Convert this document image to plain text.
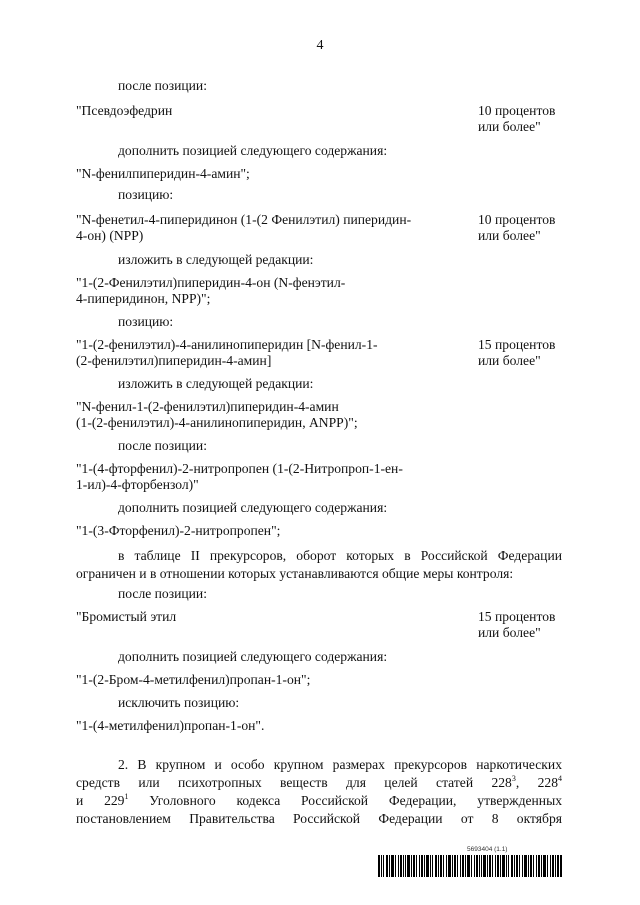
4
после позиции:
"Псевдоэфедрин	10 процентов
или более"
дополнить позицией следующего содержания:
"N-фенилпиперидин-4-амин";
позицию:
"N-фенетил-4-пиперидинон (1-(2 Фенилэтил) пиперидин-
4-он) (NPP)
10 процентов
или более"
изложить в следующей редакции:
"1-(2-Фенилэтил)пиперидин-4-он (N-фенэтил-
4-пиперидинон, NPP)";
позицию:
"1-(2-фенилэтил)-4-анилинопиперидин [N-фенил-1-
(2-фенилэтил)пиперидин-4-амин]
15 процентов
или более"
изложить в следующей редакции:
"N-фенил-1-(2-фенилэтил)пиперидин-4-амин
(1-(2-фенилэтил)-4-анилинопиперидин, ANPP)";
после позиции:
"1-(4-фторфенил)-2-нитропропен (1-(2-Нитропроп-1-ен-
1-ил)-4-фторбензол)"
дополнить позицией следующего содержания:
"1-(3-Фторфенил)-2-нитропропен";
в таблице II прекурсоров, оборот которых в Российской Федерации
ограничен и в отношении которых устанавливаются общие меры контроля:
после позиции:
"Бромистый этил	15 процентов
или более"
дополнить позицией следующего содержания:
"1-(2-Бром-4-метилфенил)пропан-1-он";
исключить позицию:
"1-(4-метилфенил)пропан-1-он".
2. В крупном и особо крупном размерах прекурсоров наркотических
средств или психотропных веществ для целей статей $228^3$, $228^4$
и $229^1$ Уголовного кодекса Российской Федерации, утвержденных
постановлением Правительства Российской Федерации от 8 октября
5693404 (1.1)
